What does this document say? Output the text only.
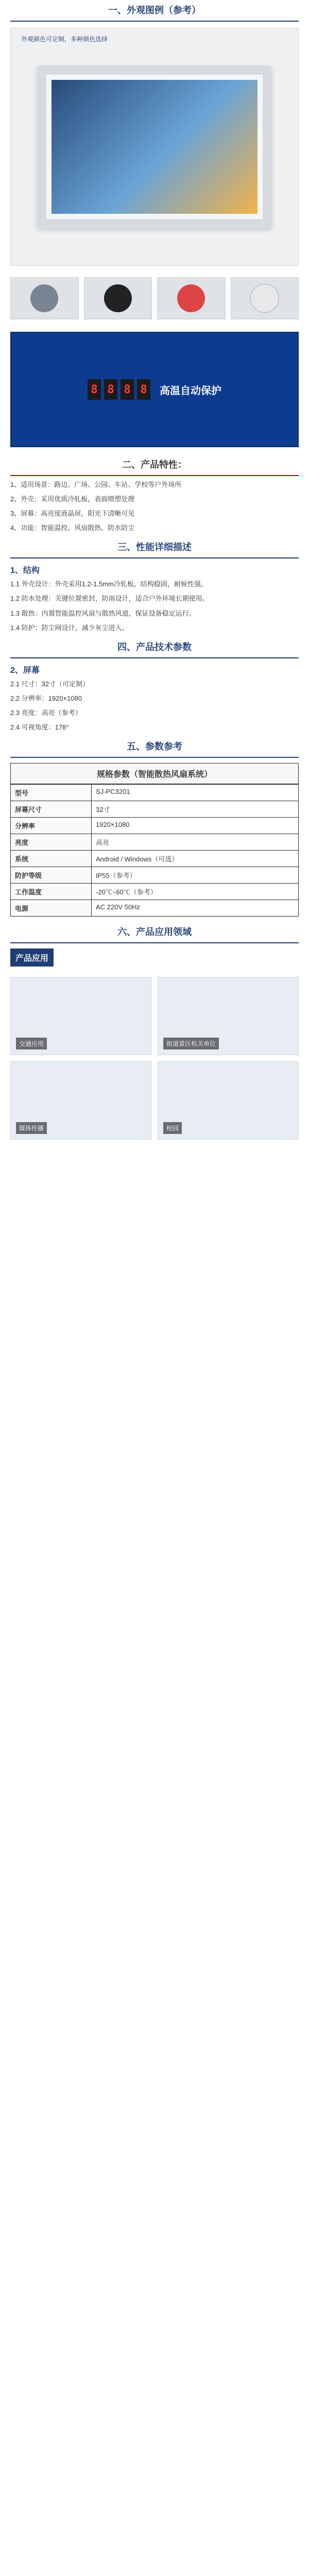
一、外观图例（参考）
外观颜色可定制，多种颜色选择
8 8 8 8	高温自动保护
二、产品特性：

1、适用场景：路边、广场、公园、车站、学校等户外场所

2、外壳：采用优质冷轧板，表面喷塑处理

3、屏幕：高亮度液晶屏，阳光下清晰可见

4、功能：智能温控、风扇散热、防水防尘

三、性能详细描述
1、结构

1.1 外壳设计：外壳采用1.2-1.5mm冷轧板，结构稳固，耐候性强。

1.2 防水处理：关键位置密封，防雨设计，适合户外环境长期使用。

1.3 散热：内置智能温控风扇与散热风道，保证设备稳定运行。

1.4 防护：防尘网设计，减少灰尘进入。

四、产品技术参数
2、屏幕

2.1 尺寸：32寸（可定制）

2.2 分辨率：1920×1080

2.3 亮度：高亮（参考）

2.4 可视角度：178°

五、参数参考
规格参数（智能散热风扇系统）
型号	SJ-PC3201
屏幕尺寸	32寸
分辨率	1920×1080
亮度	高亮
系统	Android / Windows（可选）
防护等级	IP55（参考）
工作温度	-20℃~60℃（参考）
电源	AC 220V 50Hz
六、产品应用领域
产品应用
交通应用	街道景区机关单位
媒体传播	校园
